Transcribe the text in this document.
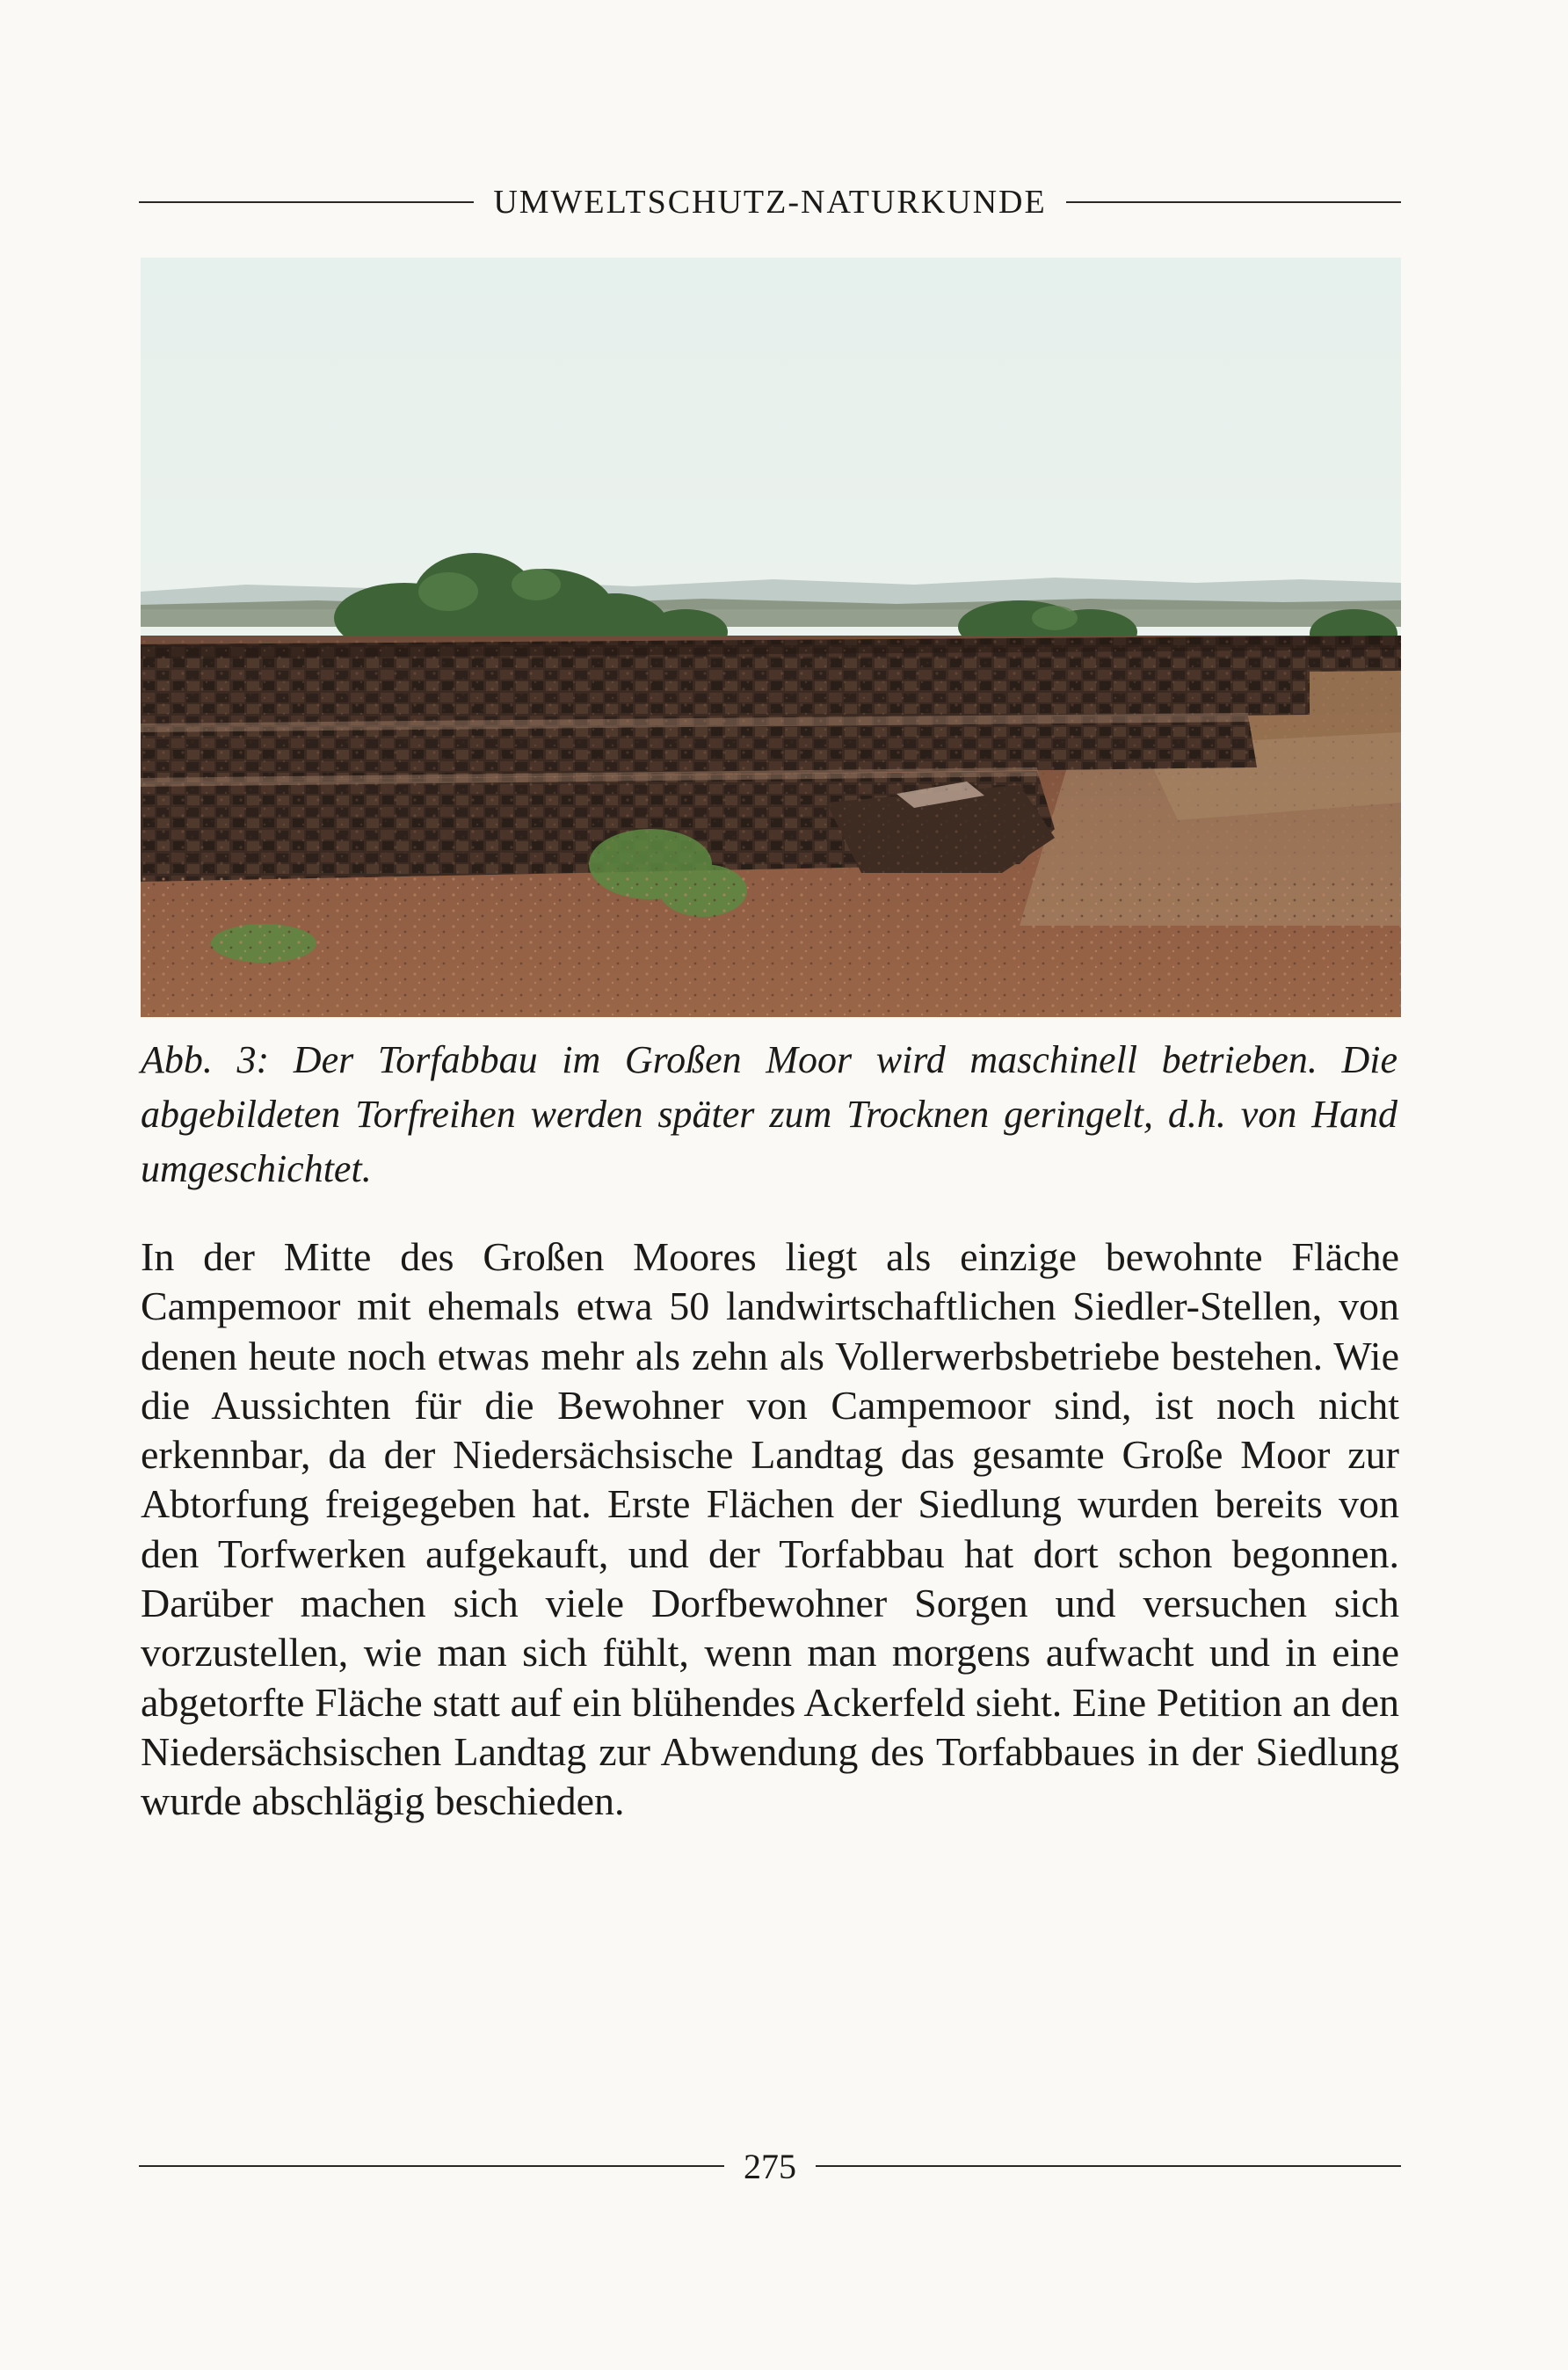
UMWELTSCHUTZ-NATURKUNDE

Abb. 3: Der Torfabbau im Großen Moor wird maschinell betrieben. Die abgebildeten Torfreihen werden später zum Trocknen geringelt, d.h. von Hand umgeschichtet.

In der Mitte des Großen Moores liegt als einzige bewohnte Fläche Campemoor mit ehemals etwa 50 landwirtschaftlichen Siedler-Stellen, von denen heute noch etwas mehr als zehn als Vollerwerbsbetriebe bestehen. Wie die Aussichten für die Bewohner von Campemoor sind, ist noch nicht erkennbar, da der Niedersächsische Landtag das gesamte Große Moor zur Abtorfung freigegeben hat. Erste Flächen der Siedlung wurden bereits von den Torfwerken aufgekauft, und der Torfabbau hat dort schon begonnen. Darüber machen sich viele Dorfbewohner Sorgen und versuchen sich vorzustellen, wie man sich fühlt, wenn man morgens aufwacht und in eine abgetorfte Fläche statt auf ein blühendes Ackerfeld sieht. Eine Petition an den Niedersächsischen Landtag zur Abwendung des Torfabbaues in der Siedlung wurde abschlägig beschieden.

275
